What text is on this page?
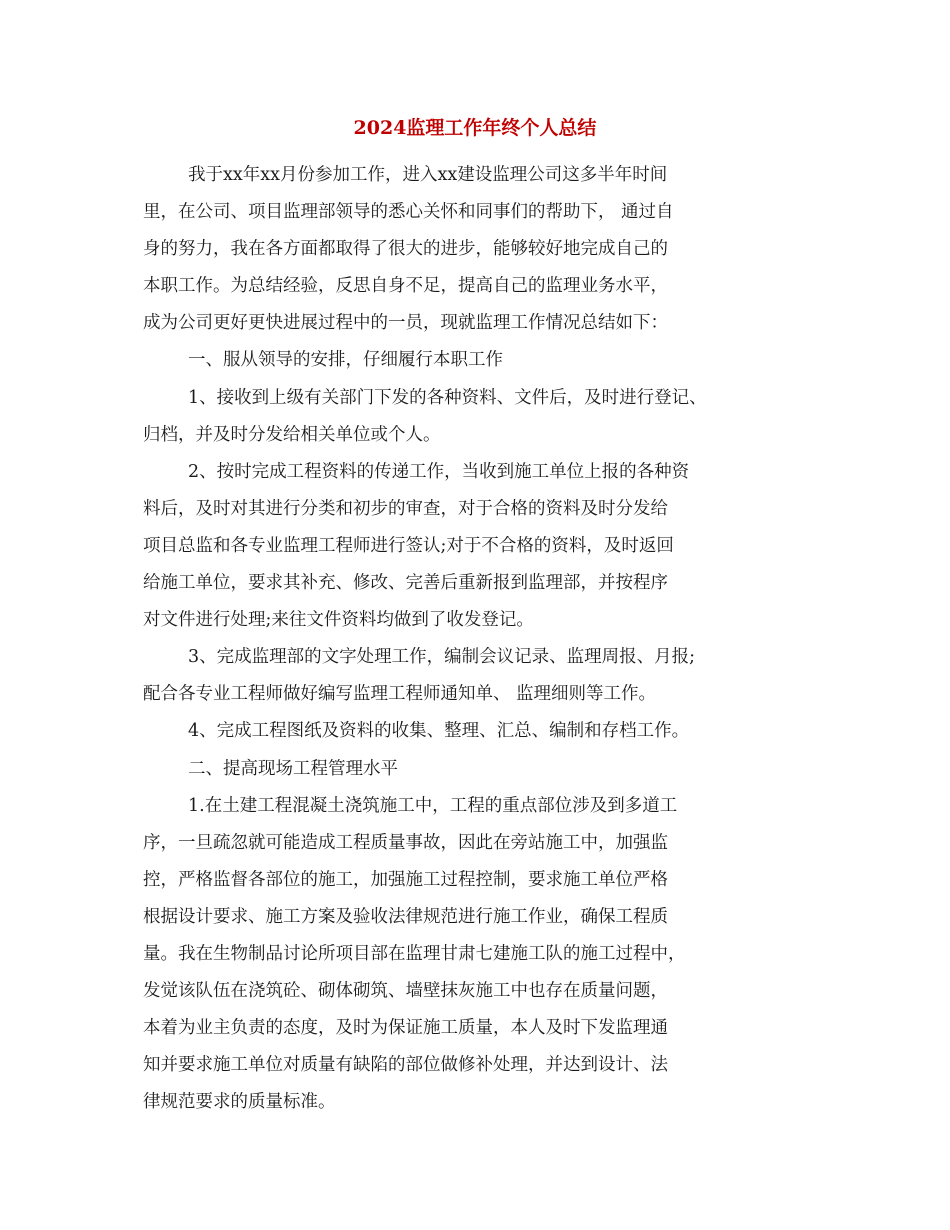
2024监理工作年终个人总结
我于xx年xx月份参加工作，进入xx建设监理公司这多半年时间
里，在公司、项目监理部领导的悉心关怀和同事们的帮助下， 通过自
身的努力，我在各方面都取得了很大的进步，能够较好地完成自己的
本职工作。为总结经验，反思自身不足，提高自己的监理业务水平，
成为公司更好更快进展过程中的一员，现就监理工作情况总结如下：
一、服从领导的安排，仔细履行本职工作
1、接收到上级有关部门下发的各种资料、文件后，及时进行登记、
归档，并及时分发给相关单位或个人。
2、按时完成工程资料的传递工作，当收到施工单位上报的各种资
料后，及时对其进行分类和初步的审查，对于合格的资料及时分发给
项目总监和各专业监理工程师进行签认;对于不合格的资料，及时返回
给施工单位，要求其补充、修改、完善后重新报到监理部，并按程序
对文件进行处理;来往文件资料均做到了收发登记。
3、完成监理部的文字处理工作，编制会议记录、监理周报、月报;
配合各专业工程师做好编写监理工程师通知单、 监理细则等工作。
4、完成工程图纸及资料的收集、整理、汇总、编制和存档工作。
二、提高现场工程管理水平
1.在土建工程混凝土浇筑施工中，工程的重点部位涉及到多道工
序，一旦疏忽就可能造成工程质量事故，因此在旁站施工中，加强监
控，严格监督各部位的施工，加强施工过程控制，要求施工单位严格
根据设计要求、施工方案及验收法律规范进行施工作业，确保工程质
量。我在生物制品讨论所项目部在监理甘肃七建施工队的施工过程中，
发觉该队伍在浇筑砼、砌体砌筑、墙壁抹灰施工中也存在质量问题，
本着为业主负责的态度，及时为保证施工质量，本人及时下发监理通
知并要求施工单位对质量有缺陷的部位做修补处理，并达到设计、法
律规范要求的质量标准。
